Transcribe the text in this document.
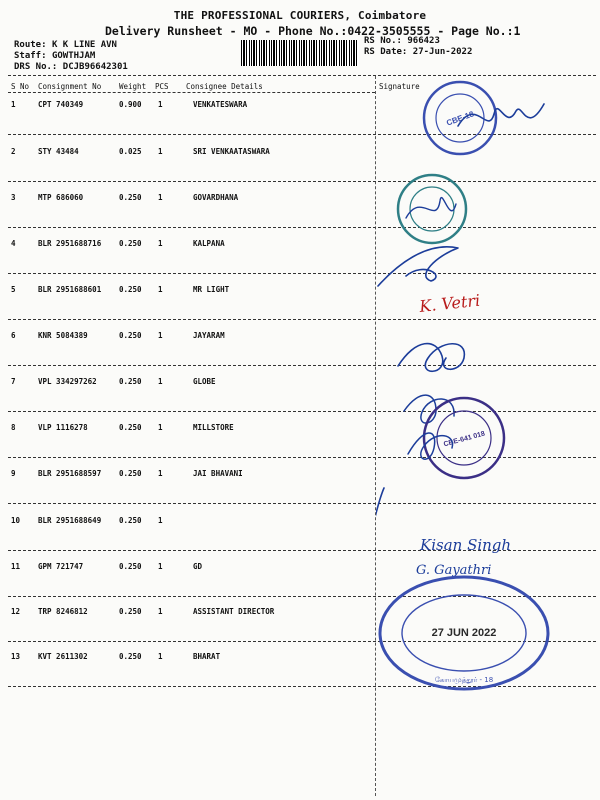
THE PROFESSIONAL COURIERS, Coimbatore
Delivery Runsheet - MO - Phone No.:0422-3505555 - Page No.:1
Route: K K LINE AVN
Staff: GOWTHJAM
DRS No.: DCJB96642301
RS No.: 966423
RS Date: 27-Jun-2022
S No Consignment No Weight PCS Consignee Details	Signature
1	CPT 740349	0.900 1	VENKATESWARA
2	STY 43484	0.025 1	SRI VENKAATASWARA
3	MTP 686060	0.250 1	GOVARDHANA
4	BLR 2951688716 0.250 1	KALPANA
5	BLR 2951688601 0.250 1	MR LIGHT
6	KNR 5084389	0.250 1	JAYARAM
7	VPL 334297262	0.250 1	GLOBE
8	VLP 1116278	0.250 1	MILLSTORE
9	BLR 2951688597 0.250 1	JAI BHAVANI
10 BLR 2951688649 0.250 1
11 GPM 721747	0.250 1	GD
12 TRP 8246812	0.250 1	ASSISTANT DIRECTOR
13 KVT 2611302	0.250 1	BHARAT
CBE-18
K. Vetri
CBE-641 018
Kisan Singh
G. Gayathri
27 JUN 2022
கோயமுத்தூர் - 18
